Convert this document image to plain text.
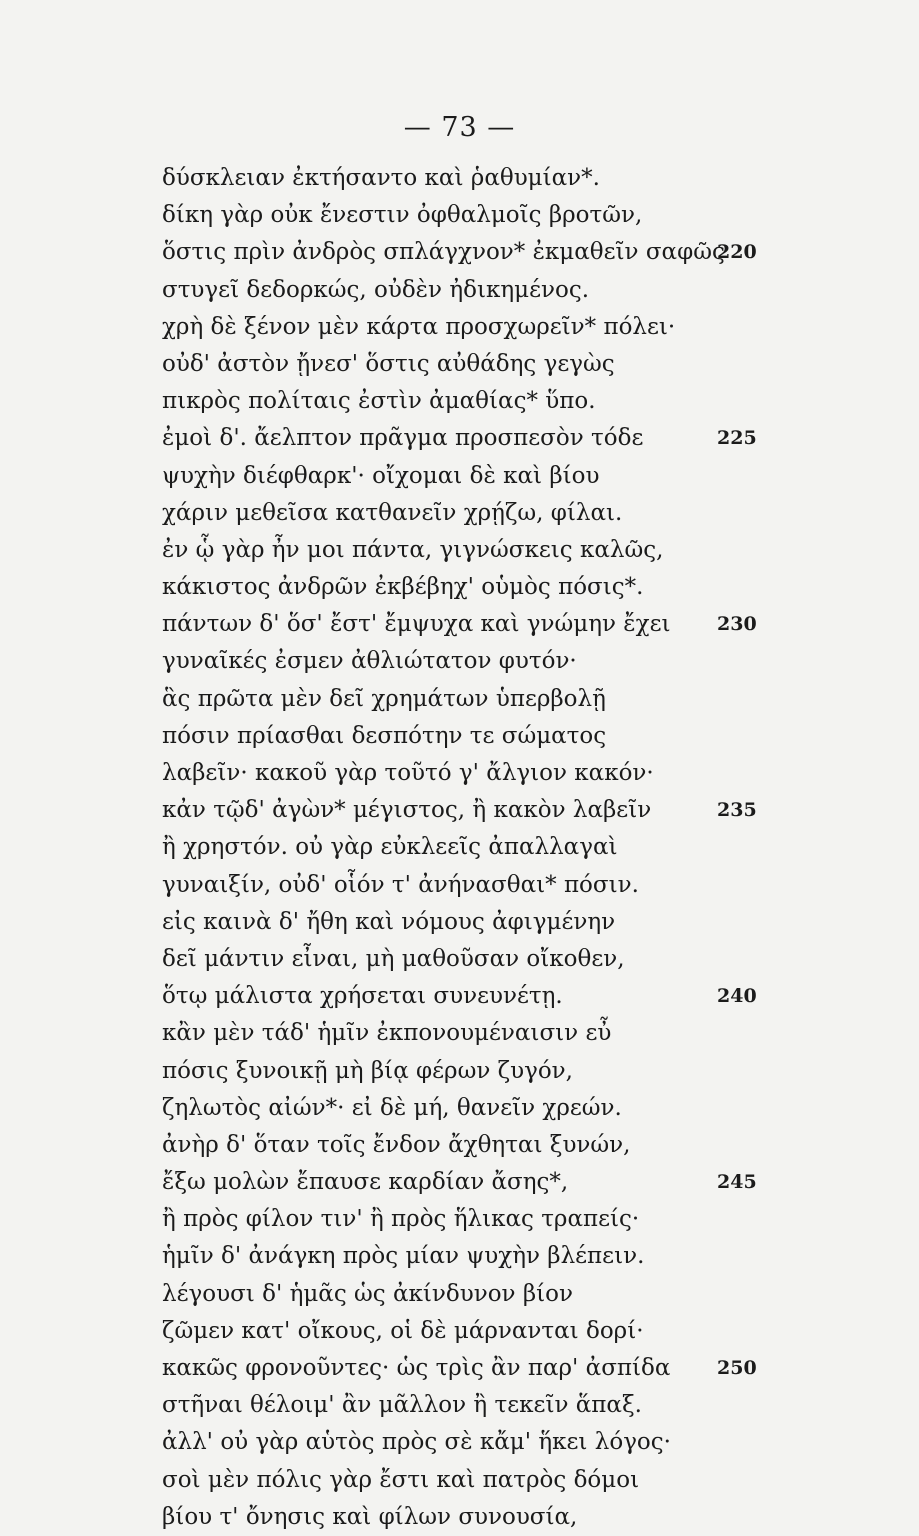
— 73 —
δύσκλειαν ἐκτήσαντο καὶ ῥαθυμίαν*.
δίκη γὰρ οὐκ ἔνεστιν ὀφθαλμοῖς βροτῶν,
ὅστις πρὶν ἀνδρὸς σπλάγχνον* ἐκμαθεῖν σαφῶς
220
στυγεῖ δεδορκώς, οὐδὲν ἠδικημένος.
χρὴ δὲ ξένον μὲν κάρτα προσχωρεῖν* πόλει·
οὐδ' ἀστὸν ᾔνεσ' ὅστις αὐθάδης γεγὼς
πικρὸς πολίταις ἐστὶν ἀμαθίας* ὕπο.
ἐμοὶ δ'. ἄελπτον πρᾶγμα προσπεσὸν τόδε	225
ψυχὴν διέφθαρκ'· οἴχομαι δὲ καὶ βίου
χάριν μεθεῖσα κατθανεῖν χρῄζω, φίλαι.
ἐν ᾧ γὰρ ἦν μοι πάντα, γιγνώσκεις καλῶς,
κάκιστος ἀνδρῶν ἐκβέβηχ' οὑμὸς πόσις*.
πάντων δ' ὅσ' ἔστ' ἔμψυχα καὶ γνώμην ἔχει 230
γυναῖκές ἐσμεν ἀθλιώτατον φυτόν·
ἃς πρῶτα μὲν δεῖ χρημάτων ὑπερβολῇ
πόσιν πρίασθαι δεσπότην τε σώματος
λαβεῖν· κακοῦ γὰρ τοῦτό γ' ἄλγιον κακόν·
κἀν τῷδ' ἀγὼν* μέγιστος, ἢ κακὸν λαβεῖν	235
ἢ χρηστόν. οὐ γὰρ εὐκλεεῖς ἀπαλλαγαὶ
γυναιξίν, οὐδ' οἷόν τ' ἀνήνασθαι* πόσιν.
εἰς καινὰ δ' ἤθη καὶ νόμους ἀφιγμένην
δεῖ μάντιν εἶναι, μὴ μαθοῦσαν οἴκοθεν,
ὅτῳ μάλιστα χρήσεται συνευνέτῃ.	240
κἂν μὲν τάδ' ἡμῖν ἐκπονουμέναισιν εὖ
πόσις ξυνοικῇ μὴ βίᾳ φέρων ζυγόν,
ζηλωτὸς αἰών*· εἰ δὲ μή, θανεῖν χρεών.
ἀνὴρ δ' ὅταν τοῖς ἔνδον ἄχθηται ξυνών,
ἔξω μολὼν ἔπαυσε καρδίαν ἄσης*,	245
ἢ πρὸς φίλον τιν' ἢ πρὸς ἥλικας τραπείς·
ἡμῖν δ' ἀνάγκη πρὸς μίαν ψυχὴν βλέπειν.
λέγουσι δ' ἡμᾶς ὡς ἀκίνδυνον βίον
ζῶμεν κατ' οἴκους, οἱ δὲ μάρνανται δορί·
κακῶς φρονοῦντες· ὡς τρὶς ἂν παρ' ἀσπίδα 250
στῆναι θέλοιμ' ἂν μᾶλλον ἢ τεκεῖν ἅπαξ.
ἀλλ' οὐ γὰρ αὑτὸς πρὸς σὲ κἄμ' ἥκει λόγος·
σοὶ μὲν πόλις γὰρ ἔστι καὶ πατρὸς δόμοι
βίου τ' ὄνησις καὶ φίλων συνουσία,
